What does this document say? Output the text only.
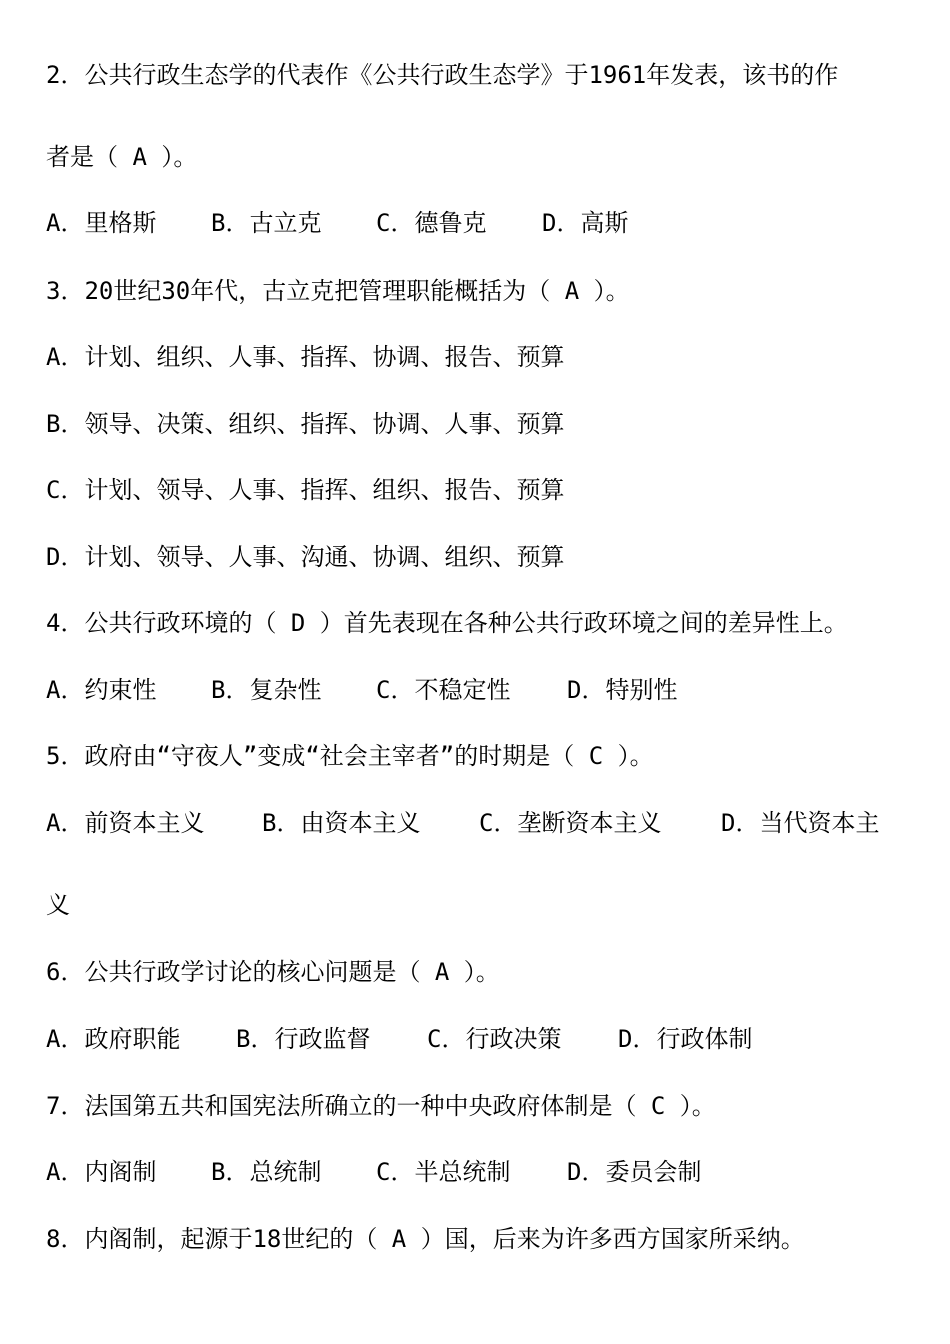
2．公共行政生态学的代表作《公共行政生态学》于1961年发表，该书的作
者是（ A ）。
A．里格斯 B．古立克 C．德鲁克 D．高斯
3．20世纪30年代，古立克把管理职能概括为（ A ）。
A．计划、组织、人事、指挥、协调、报告、预算
B．领导、决策、组织、指挥、协调、人事、预算
C．计划、领导、人事、指挥、组织、报告、预算
D．计划、领导、人事、沟通、协调、组织、预算
4．公共行政环境的（ D ）首先表现在各种公共行政环境之间的差异性上。
A．约束性 B．复杂性 C．不稳定性 D．特别性
5．政府由“守夜人”变成“社会主宰者”的时期是（ C ）。
A．前资本主义 B．由资本主义 C．垄断资本主义 D．当代资本主
义
6．公共行政学讨论的核心问题是（ A ）。
A．政府职能 B．行政监督 C．行政决策 D．行政体制
7．法国第五共和国宪法所确立的一种中央政府体制是（ C ）。
A．内阁制 B．总统制 C．半总统制 D．委员会制
8．内阁制，起源于18世纪的（ A ）国，后来为许多西方国家所采纳。
